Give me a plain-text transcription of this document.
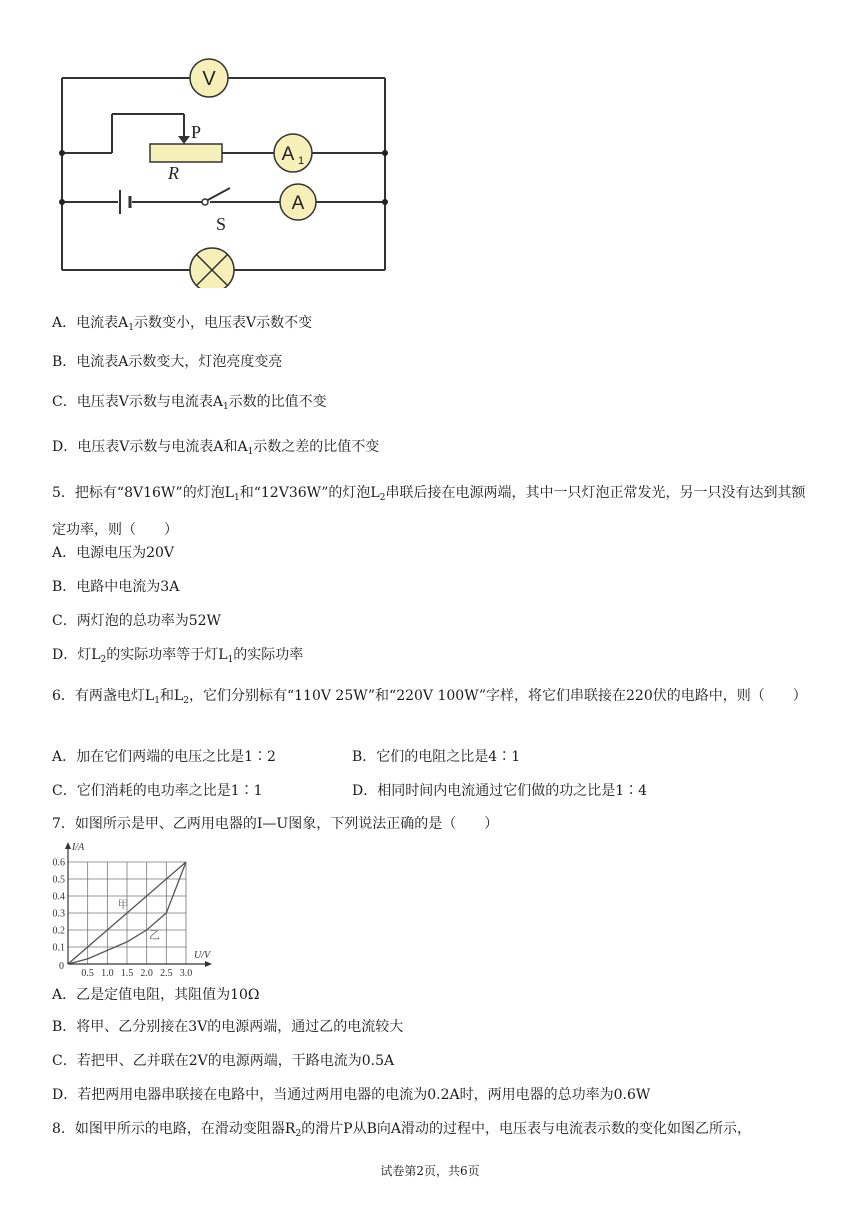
V
A 1
A
P
R
S
A．电流表$A_1$示数变小，电压表V示数不变
B．电流表A示数变大，灯泡亮度变亮
C．电压表V示数与电流表$A_1$示数的比值不变
D．电压表V示数与电流表A和$A_1$示数之差的比值不变
5．把标有“8V16W”的灯泡$L_1$和“12V36W”的灯泡$L_2$串联后接在电源两端，其中一只灯泡正常发光，另一只没有达到其额定功率，则（　　）
A．电源电压为20V
B．电路中电流为3A
C．两灯泡的总功率为52W
D．灯$L_2$的实际功率等于灯$L_1$的实际功率
6．有两盏电灯$L_1$和$L_2$，它们分别标有“110V 25W”和“220V 100W”字样，将它们串联接在220伏的电路中，则（　　）
A．加在它们两端的电压之比是1∶2	B．它们的电阻之比是4∶1
C．它们消耗的电功率之比是1∶1	D．相同时间内电流通过它们做的功之比是1∶4
7．如图所示是甲、乙两用电器的I—U图象，下列说法正确的是（　　）
0.5 1.0 1.5 2.0 2.5 3.0
0.1
0.2
0.3
0.4
0.5
0.6
0
I/A
U/V
甲
乙
A．乙是定值电阻，其阻值为10Ω
B．将甲、乙分别接在3V的电源两端，通过乙的电流较大
C．若把甲、乙并联在2V的电源两端，干路电流为0.5A
D．若把两用电器串联接在电路中，当通过两用电器的电流为0.2A时，两用电器的总功率为0.6W
8．如图甲所示的电路，在滑动变阻器$R_2$的滑片P从B向A滑动的过程中，电压表与电流表示数的变化如图乙所示，
试卷第2页，共6页
